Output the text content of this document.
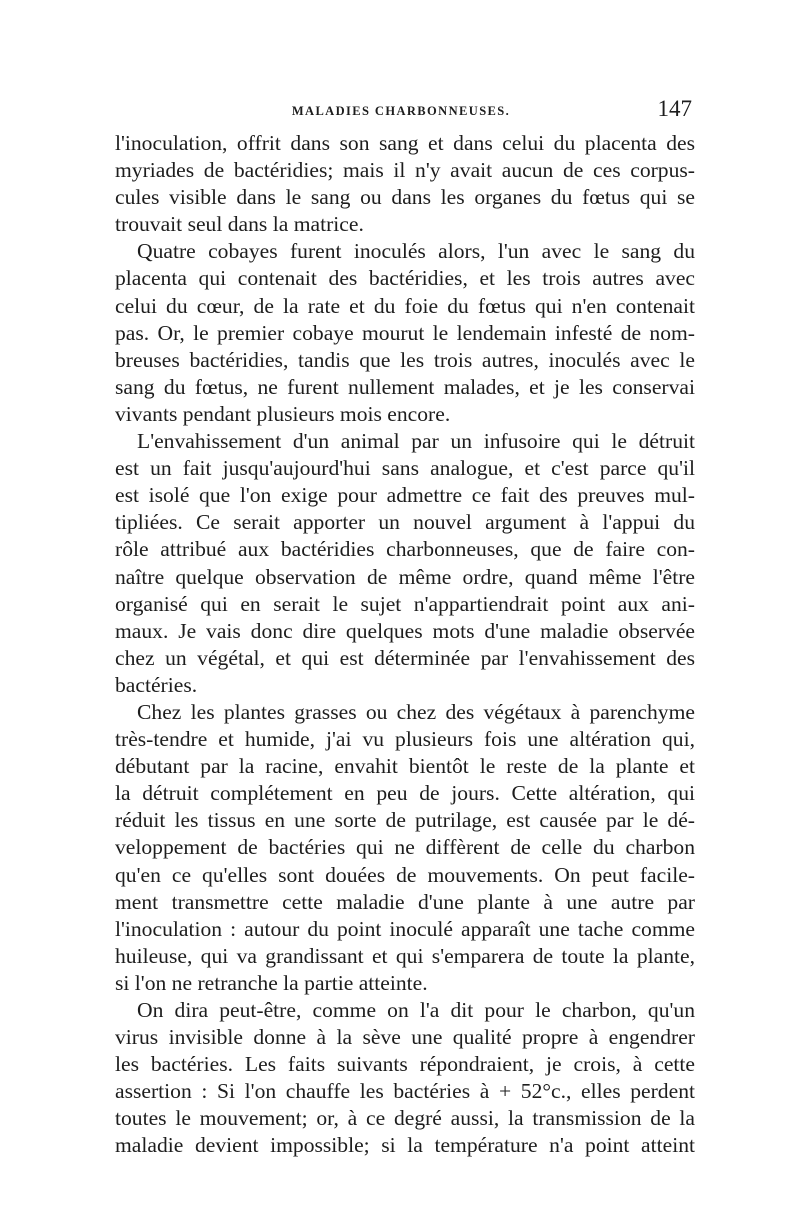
MALADIES CHARBONNEUSES.	147
l'inoculation, offrit dans son sang et dans celui du placenta des
myriades de bactéridies; mais il n'y avait aucun de ces corpus-
cules visible dans le sang ou dans les organes du fœtus qui se
trouvait seul dans la matrice.
Quatre cobayes furent inoculés alors, l'un avec le sang du
placenta qui contenait des bactéridies, et les trois autres avec
celui du cœur, de la rate et du foie du fœtus qui n'en contenait
pas. Or, le premier cobaye mourut le lendemain infesté de nom-
breuses bactéridies, tandis que les trois autres, inoculés avec le
sang du fœtus, ne furent nullement malades, et je les conservai
vivants pendant plusieurs mois encore.
L'envahissement d'un animal par un infusoire qui le détruit
est un fait jusqu'aujourd'hui sans analogue, et c'est parce qu'il
est isolé que l'on exige pour admettre ce fait des preuves mul-
tipliées. Ce serait apporter un nouvel argument à l'appui du
rôle attribué aux bactéridies charbonneuses, que de faire con-
naître quelque observation de même ordre, quand même l'être
organisé qui en serait le sujet n'appartiendrait point aux ani-
maux. Je vais donc dire quelques mots d'une maladie observée
chez un végétal, et qui est déterminée par l'envahissement des
bactéries.
Chez les plantes grasses ou chez des végétaux à parenchyme
très-tendre et humide, j'ai vu plusieurs fois une altération qui,
débutant par la racine, envahit bientôt le reste de la plante et
la détruit complétement en peu de jours. Cette altération, qui
réduit les tissus en une sorte de putrilage, est causée par le dé-
veloppement de bactéries qui ne diffèrent de celle du charbon
qu'en ce qu'elles sont douées de mouvements. On peut facile-
ment transmettre cette maladie d'une plante à une autre par
l'inoculation : autour du point inoculé apparaît une tache comme
huileuse, qui va grandissant et qui s'emparera de toute la plante,
si l'on ne retranche la partie atteinte.
On dira peut-être, comme on l'a dit pour le charbon, qu'un
virus invisible donne à la sève une qualité propre à engendrer
les bactéries. Les faits suivants répondraient, je crois, à cette
assertion : Si l'on chauffe les bactéries à + 52°c., elles perdent
toutes le mouvement; or, à ce degré aussi, la transmission de la
maladie devient impossible; si la température n'a point atteint
